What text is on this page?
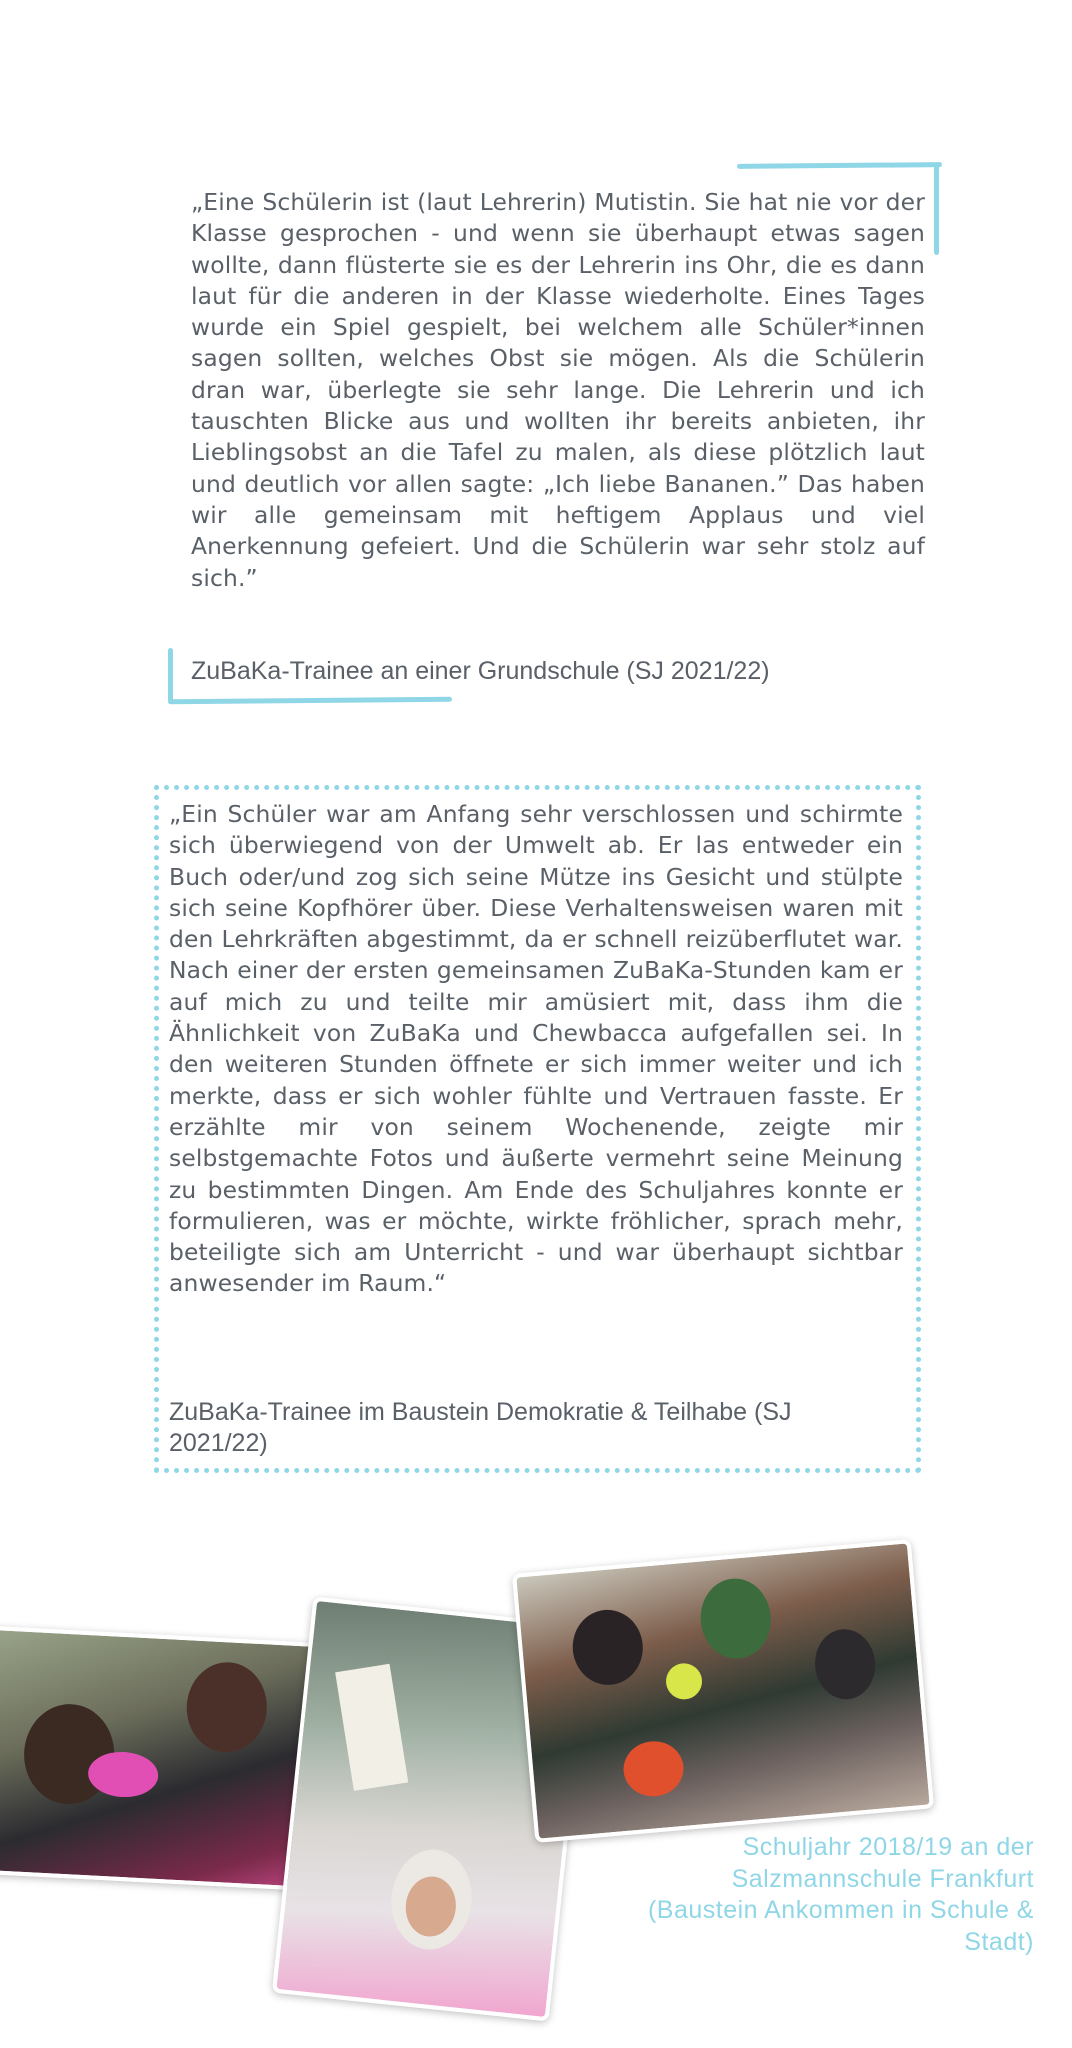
„Eine Schülerin ist (laut Lehrerin) Mutistin. Sie hat nie vor der Klasse gesprochen - und wenn sie überhaupt etwas sagen wollte, dann flüsterte sie es der Lehrerin ins Ohr, die es dann laut für die anderen in der Klasse wiederholte. Eines Tages wurde ein Spiel gespielt, bei welchem alle Schüler*innen sagen sollten, welches Obst sie mögen. Als die Schülerin dran war, überlegte sie sehr lange. Die Lehrerin und ich tauschten Blicke aus und wollten ihr bereits anbieten, ihr Lieblingsobst an die Tafel zu malen, als diese plötzlich laut und deutlich vor allen sagte: „Ich liebe Bananen.” Das haben wir alle gemeinsam mit heftigem Applaus und viel Anerkennung gefeiert. Und die Schülerin war sehr stolz auf sich.”

ZuBaKa-Trainee an einer Grundschule (SJ 2021/22)

„Ein Schüler war am Anfang sehr verschlossen und schirmte sich überwiegend von der Umwelt ab. Er las entweder ein Buch oder/und zog sich seine Mütze ins Gesicht und stülpte sich seine Kopfhörer über. Diese Verhaltensweisen waren mit den Lehrkräften abgestimmt, da er schnell reizüberflutet war. Nach einer der ersten gemeinsamen ZuBaKa-Stunden kam er auf mich zu und teilte mir amüsiert mit, dass ihm die Ähnlichkeit von ZuBaKa und Chewbacca aufgefallen sei. In den weiteren Stunden öffnete er sich immer weiter und ich merkte, dass er sich wohler fühlte und Vertrauen fasste. Er erzählte mir von seinem Wochenende, zeigte mir selbstgemachte Fotos und äußerte vermehrt seine Meinung zu bestimmten Dingen. Am Ende des Schuljahres konnte er formulieren, was er möchte, wirkte fröhlicher, sprach mehr, beteiligte sich am Unterricht - und war überhaupt sichtbar anwesender im Raum.“

ZuBaKa-Trainee im Baustein Demokratie & Teilhabe (SJ 2021/22)
Schuljahr 2018/19 an der Salzmannschule Frankfurt (Baustein Ankommen in Schule & Stadt)
